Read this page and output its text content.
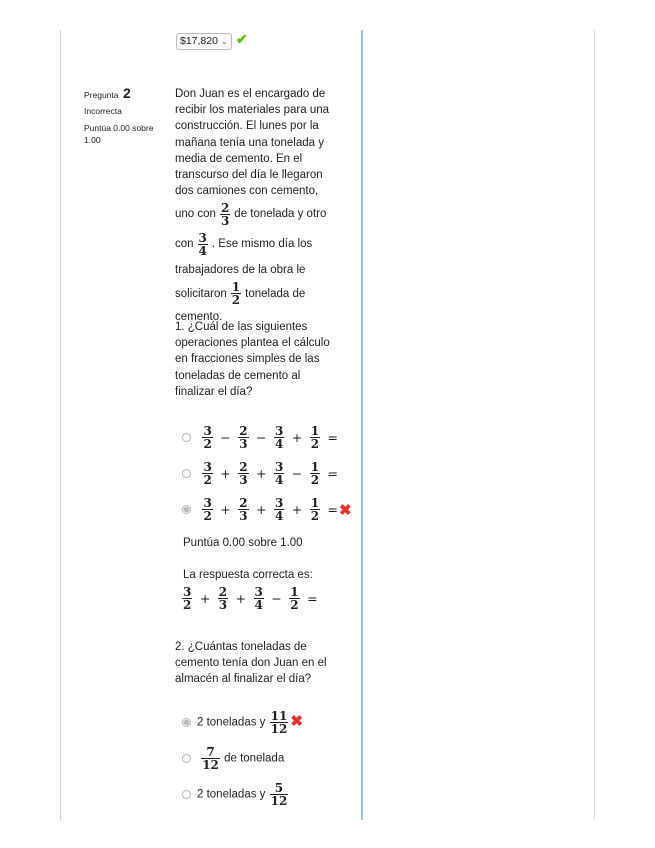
$17,820 ⌄ ✔
Pregunta 2
Incorrecta
Puntúa 0.00 sobre 1.00
Don Juan es el encargado de
recibir los materiales para una
construcción. El lunes por la
mañana tenía una tonelada y
media de cemento. En el
transcurso del día le llegaron
dos camiones con cemento,
uno con $\frac{2}{3}$ de tonelada y otro
con $\frac{3}{4}$ . Ese mismo día los
trabajadores de la obra le
solicitaron $\frac{1}{2}$ tonelada de
cemento.
1. ¿Cuál de las siguientes
operaciones plantea el cálculo
en fracciones simples de las
toneladas de cemento al
finalizar el día?

$\frac{3}{2} - \frac{2}{3} - \frac{3}{4} + \frac{1}{2}$ =

$\frac{3}{2} + \frac{2}{3} + \frac{3}{4} - \frac{1}{2}$ =

$\frac{3}{2} + \frac{2}{3} + \frac{3}{4} + \frac{1}{2}$ =✖
Puntúa 0.00 sobre 1.00
La respuesta correcta es:
$\frac{3}{2} + \frac{2}{3} + \frac{3}{4} - \frac{1}{2}$ =
2. ¿Cuántas toneladas de
cemento tenía don Juan en el
almacén al finalizar el día?
2 toneladas y $\frac{11}{12}$ ✖

$\frac{7}{12}$ de tonelada
2 toneladas y $\frac{5}{12}$
